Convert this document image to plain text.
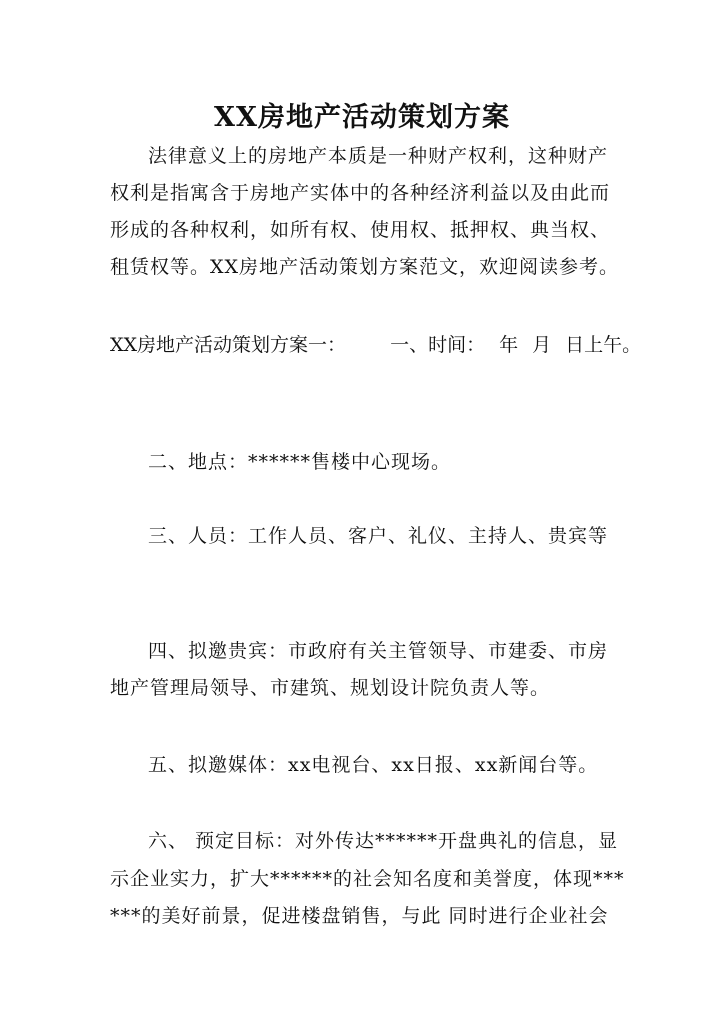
XX房地产活动策划方案
法律意义上的房地产本质是一种财产权利，这种财产
权利是指寓含于房地产实体中的各种经济利益以及由此而
形成的各种权利，如所有权、使用权、抵押权、典当权、
租赁权等。XX房地产活动策划方案范文，欢迎阅读参考。
XX房地产活动策划方案一： 一、时间： 年 月 日上午。
二、地点：******售楼中心现场。
三、人员：工作人员、客户、礼仪、主持人、贵宾等
四、拟邀贵宾：市政府有关主管领导、市建委、市房
地产管理局领导、市建筑、规划设计院负责人等。
五、拟邀媒体：xx电视台、xx日报、xx新闻台等。
六、 预定目标：对外传达******开盘典礼的信息，显
示企业实力，扩大******的社会知名度和美誉度，体现***
***的美好前景，促进楼盘销售，与此 同时进行企业社会
